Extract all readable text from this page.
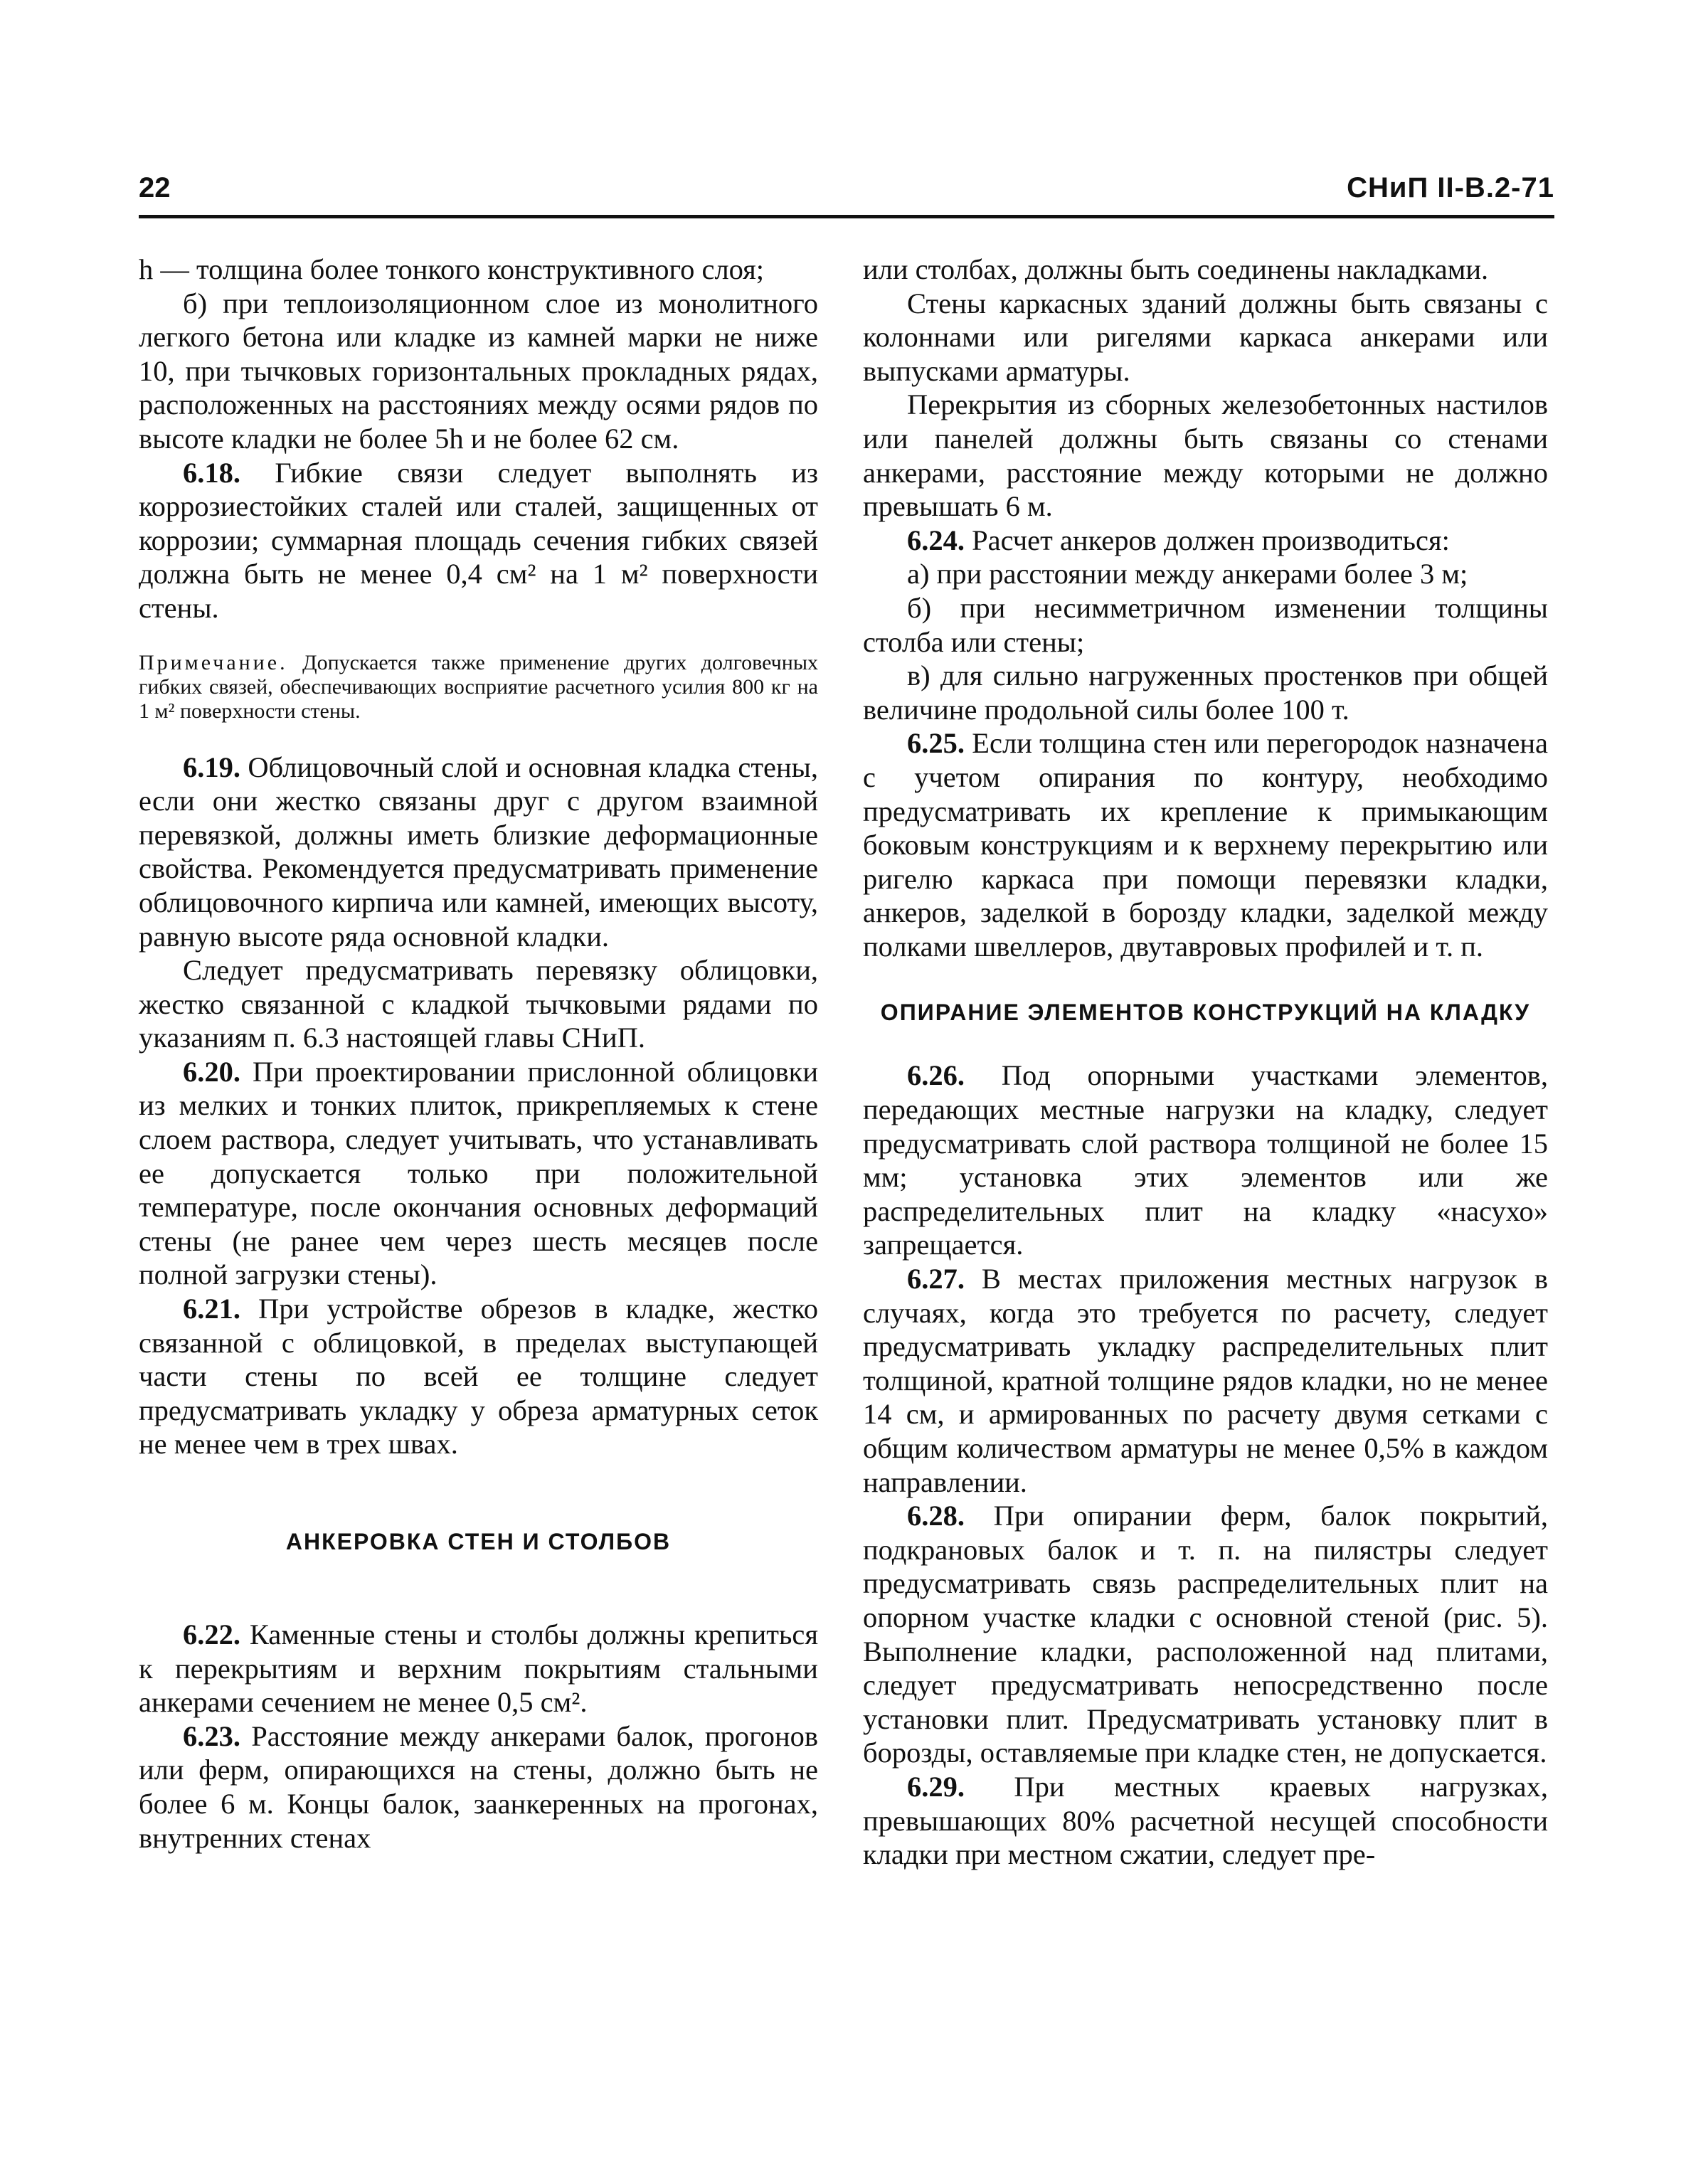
22	СНиП II-В.2-71

h — толщина более тонкого конструктивного слоя;

б) при теплоизоляционном слое из монолитного легкого бетона или кладке из камней марки не ниже 10, при тычковых горизонтальных прокладных рядах, расположенных на расстояниях между осями рядов по высоте кладки не более 5h и не более 62 см.

6.18. Гибкие связи следует выполнять из коррозиестойких сталей или сталей, защищенных от коррозии; суммарная площадь сечения гибких связей должна быть не менее 0,4 см² на 1 м² поверхности стены.

Примечание. Допускается также применение других долговечных гибких связей, обеспечивающих восприятие расчетного усилия 800 кг на 1 м² поверхности стены.

6.19. Облицовочный слой и основная кладка стены, если они жестко связаны друг с другом взаимной перевязкой, должны иметь близкие деформационные свойства. Рекомендуется предусматривать применение облицовочного кирпича или камней, имеющих высоту, равную высоте ряда основной кладки.

Следует предусматривать перевязку облицовки, жестко связанной с кладкой тычковыми рядами по указаниям п. 6.3 настоящей главы СНиП.

6.20. При проектировании прислонной облицовки из мелких и тонких плиток, прикрепляемых к стене слоем раствора, следует учитывать, что устанавливать ее допускается только при положительной температуре, после окончания основных деформаций стены (не ранее чем через шесть месяцев после полной загрузки стены).

6.21. При устройстве обрезов в кладке, жестко связанной с облицовкой, в пределах выступающей части стены по всей ее толщине следует предусматривать укладку у обреза арматурных сеток не менее чем в трех швах.

АНКЕРОВКА СТЕН И СТОЛБОВ

6.22. Каменные стены и столбы должны крепиться к перекрытиям и верхним покрытиям стальными анкерами сечением не менее 0,5 см².

6.23. Расстояние между анкерами балок, прогонов или ферм, опирающихся на стены, должно быть не более 6 м. Концы балок, заанкеренных на прогонах, внутренних стенах

или столбах, должны быть соединены накладками.

Стены каркасных зданий должны быть связаны с колоннами или ригелями каркаса анкерами или выпусками арматуры.

Перекрытия из сборных железобетонных настилов или панелей должны быть связаны со стенами анкерами, расстояние между которыми не должно превышать 6 м.

6.24. Расчет анкеров должен производиться:

а) при расстоянии между анкерами более 3 м;

б) при несимметричном изменении толщины столба или стены;

в) для сильно нагруженных простенков при общей величине продольной силы более 100 т.

6.25. Если толщина стен или перегородок назначена с учетом опирания по контуру, необходимо предусматривать их крепление к примыкающим боковым конструкциям и к верхнему перекрытию или ригелю каркаса при помощи перевязки кладки, анкеров, заделкой в борозду кладки, заделкой между полками швеллеров, двутавровых профилей и т. п.

ОПИРАНИЕ ЭЛЕМЕНТОВ КОНСТРУКЦИЙ НА КЛАДКУ

6.26. Под опорными участками элементов, передающих местные нагрузки на кладку, следует предусматривать слой раствора толщиной не более 15 мм; установка этих элементов или же распределительных плит на кладку «насухо» запрещается.

6.27. В местах приложения местных нагрузок в случаях, когда это требуется по расчету, следует предусматривать укладку распределительных плит толщиной, кратной толщине рядов кладки, но не менее 14 см, и армированных по расчету двумя сетками с общим количеством арматуры не менее 0,5% в каждом направлении.

6.28. При опирании ферм, балок покрытий, подкрановых балок и т. п. на пилястры следует предусматривать связь распределительных плит на опорном участке кладки с основной стеной (рис. 5). Выполнение кладки, расположенной над плитами, следует предусматривать непосредственно после установки плит. Предусматривать установку плит в борозды, оставляемые при кладке стен, не допускается.

6.29. При местных краевых нагрузках, превышающих 80% расчетной несущей способности кладки при местном сжатии, следует пре-
